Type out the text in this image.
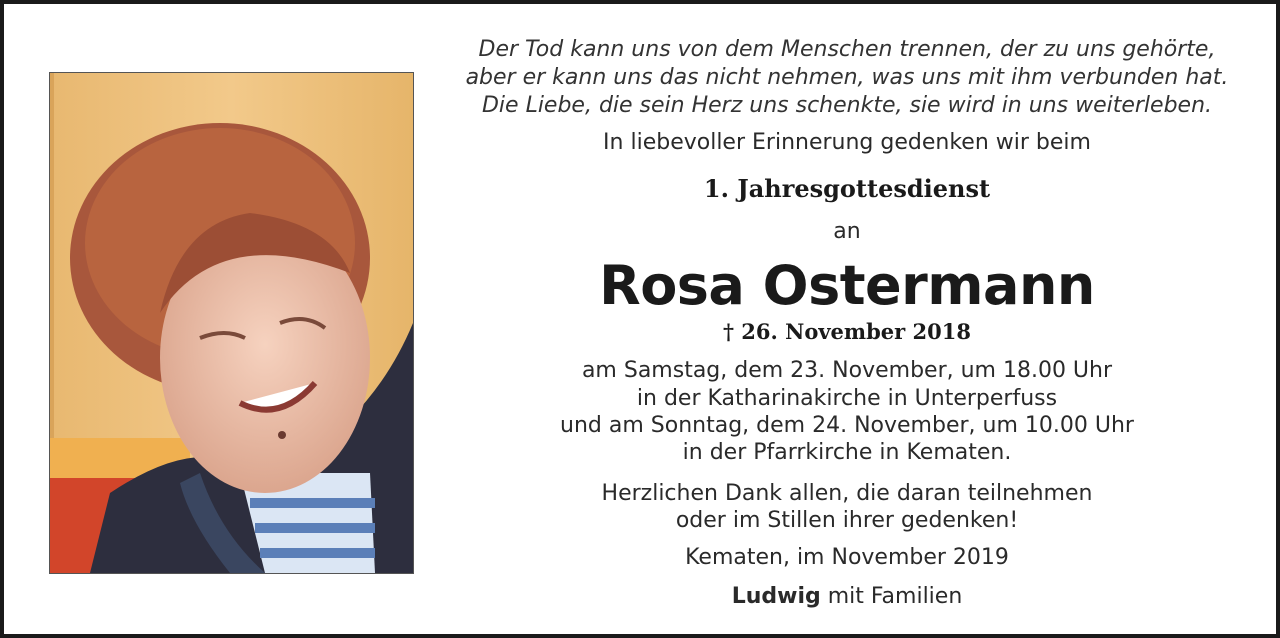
Der Tod kann uns von dem Menschen trennen, der zu uns gehörte,
aber er kann uns das nicht nehmen, was uns mit ihm verbunden hat.
Die Liebe, die sein Herz uns schenkte, sie wird in uns weiterleben.
In liebevoller Erinnerung gedenken wir beim
1. Jahresgottesdienst
an
Rosa Ostermann
† 26. November 2018
am Samstag, dem 23. November, um 18.00 Uhr
in der Katharinakirche in Unterperfuss
und am Sonntag, dem 24. November, um 10.00 Uhr
in der Pfarrkirche in Kematen.
Herzlichen Dank allen, die daran teilnehmen
oder im Stillen ihrer gedenken!
Kematen, im November 2019
Ludwig mit Familien
